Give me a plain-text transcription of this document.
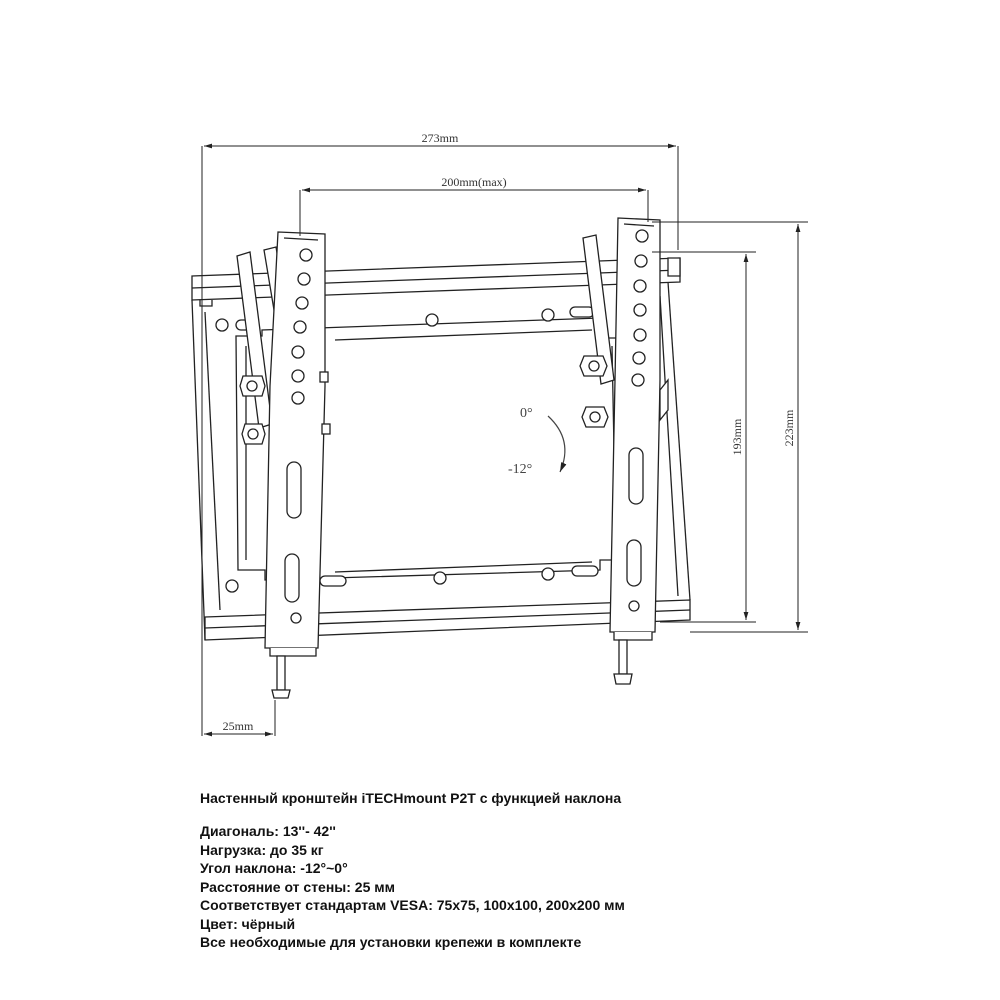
0°
-12°
273mm
200mm(max)
193mm	223mm
25mm
Настенный кронштейн iTECHmount P2T с функцией наклона
Диагональ: 13''- 42''
Нагрузка: до 35 кг
Угол наклона: -12°~0°
Расстояние от стены: 25 мм
Соответствует стандартам VESA: 75x75, 100x100, 200x200 мм
Цвет: чёрный
Все необходимые для установки крепежи в комплекте
